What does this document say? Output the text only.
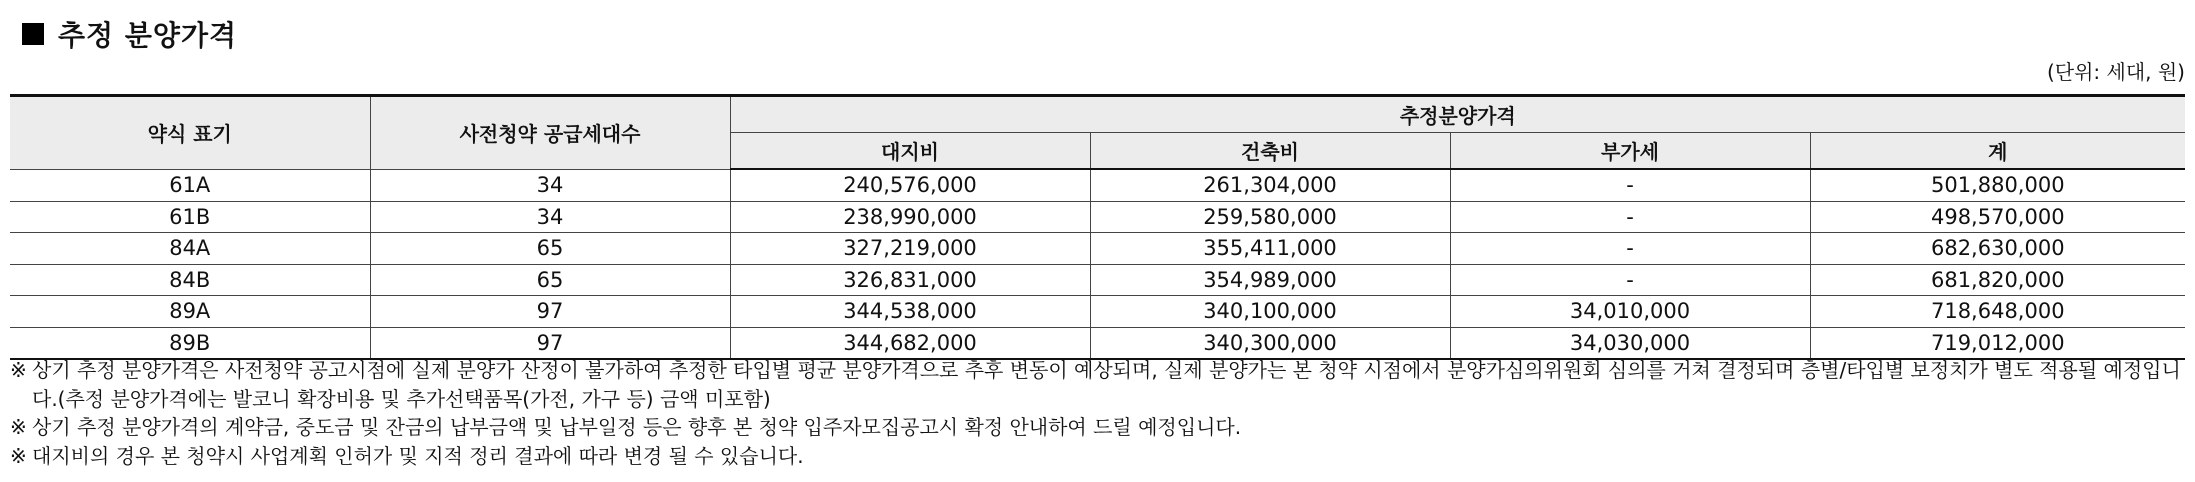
추정 분양가격
(단위: 세대, 원)
약식 표기	사전청약 공급세대수	추정분양가격			
		대지비	건축비	부가세	계
61A	34	240,576,000	261,304,000	-	501,880,000
61B	34	238,990,000	259,580,000	-	498,570,000
84A	65	327,219,000	355,411,000	-	682,630,000
84B	65	326,831,000	354,989,000	-	681,820,000
89A	97	344,538,000	340,100,000	34,010,000	718,648,000
89B	97	344,682,000	340,300,000	34,030,000	719,012,000
※ 상기 추정 분양가격은 사전청약 공고시점에 실제 분양가 산정이 불가하여 추정한 타입별 평균 분양가격으로 추후 변동이 예상되며, 실제 분양가는 본 청약 시점에서 분양가심의위원회 심의를 거쳐 결정되며 층별/타입별 보정치가 별도 적용될 예정입니다.(추정 분양가격에는 발코니 확장비용 및 추가선택품목(가전, 가구 등) 금액 미포함)
※ 상기 추정 분양가격의 계약금, 중도금 및 잔금의 납부금액 및 납부일정 등은 향후 본 청약 입주자모집공고시 확정 안내하여 드릴 예정입니다.
※ 대지비의 경우 본 청약시 사업계획 인허가 및 지적 정리 결과에 따라 변경 될 수 있습니다.
